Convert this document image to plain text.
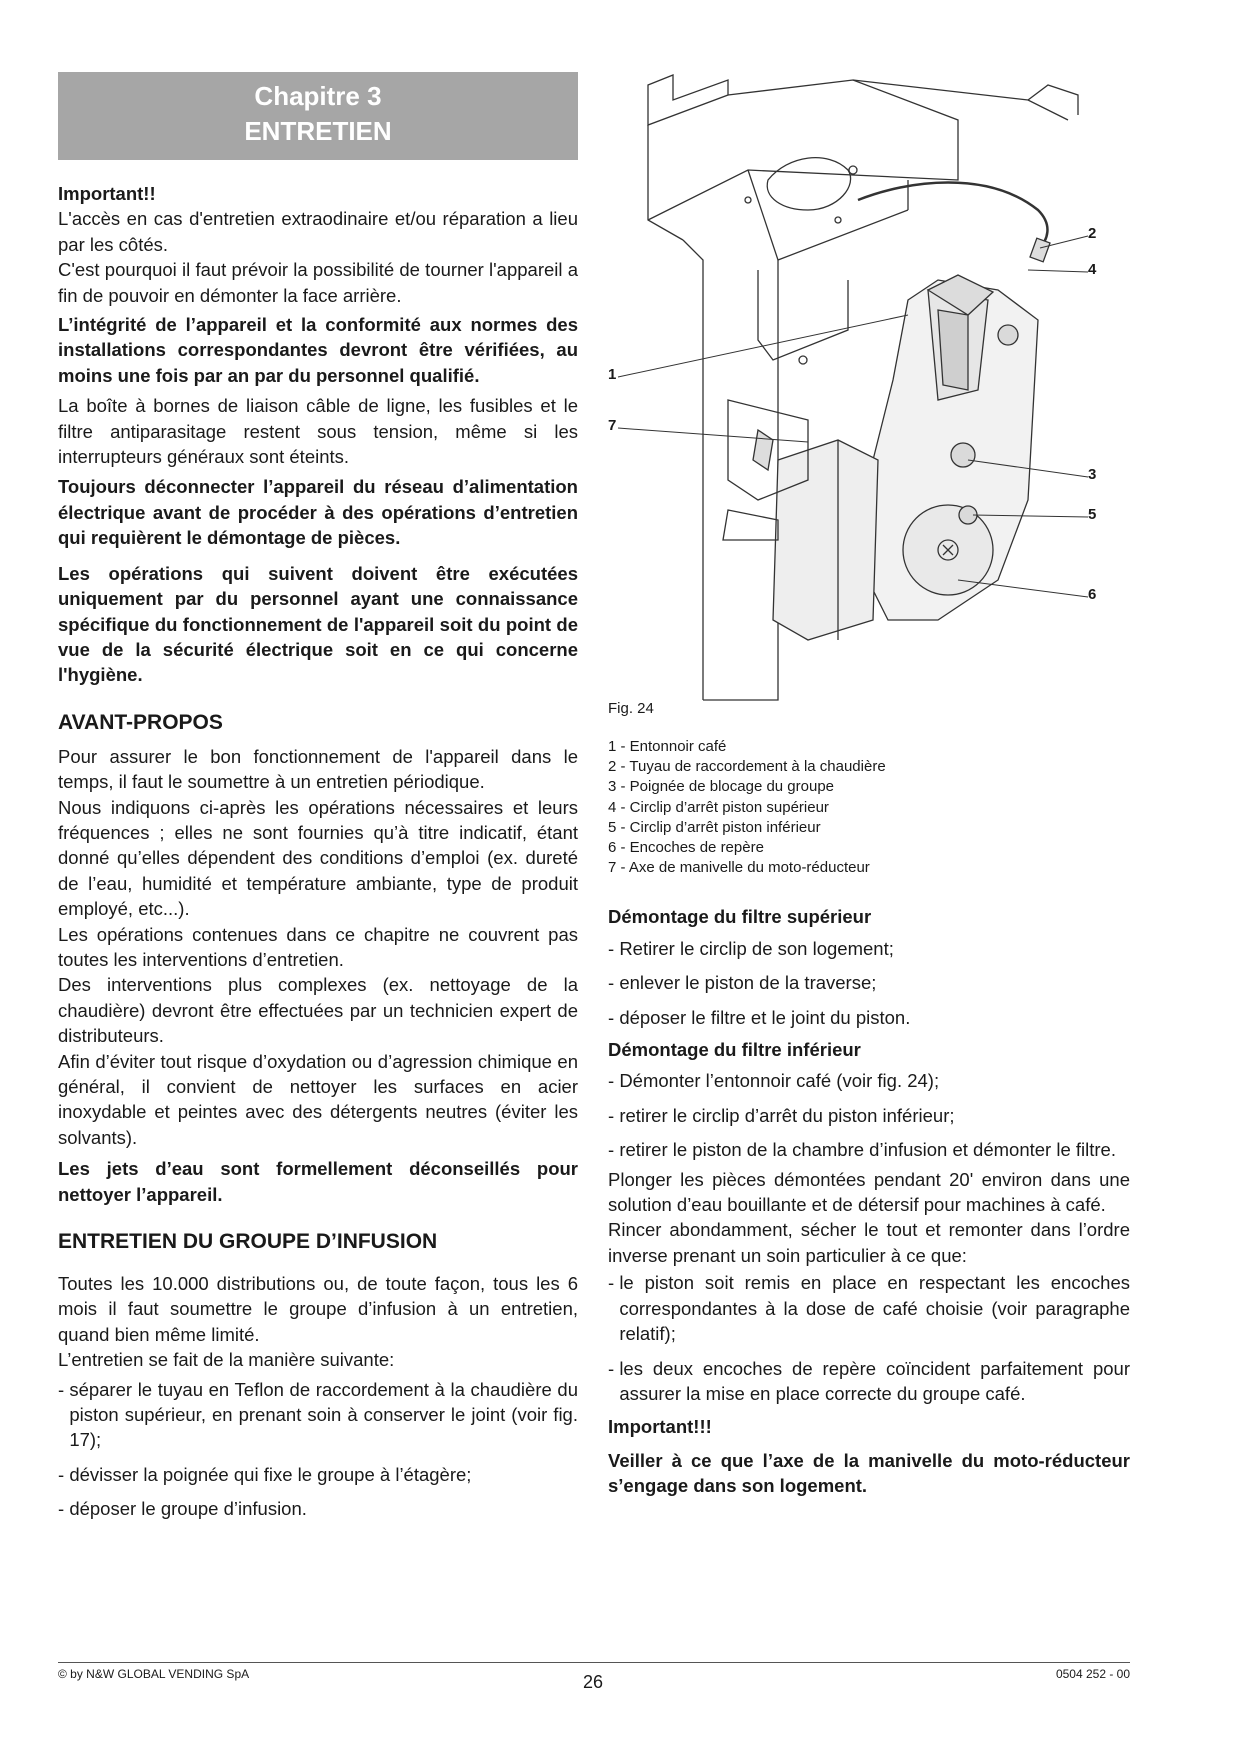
Chapitre 3
ENTRETIEN

Important!!

L'accès en cas d'entretien extraodinaire et/ou réparation a lieu par les côtés.

C'est pourquoi il faut prévoir la possibilité de tourner l'appareil a fin de pouvoir en démonter la face arrière.

L’intégrité de l’appareil et la conformité aux normes des installations correspondantes devront être vérifiées, au moins une fois par an par du personnel qualifié.

La boîte à bornes de liaison câble de ligne, les fusibles et le filtre antiparasitage restent sous tension, même si les interrupteurs généraux sont éteints.

Toujours déconnecter l’appareil du réseau d’alimentation électrique avant de procéder à des opérations d’entretien qui requièrent le démontage de pièces.

Les opérations qui suivent doivent être exécutées uniquement par du personnel ayant une connaissance spécifique du fonctionnement de l'appareil soit du point de vue de la sécurité électrique soit en ce qui concerne l'hygiène.

AVANT-PROPOS

Pour assurer le bon fonctionnement de l'appareil dans le temps, il faut le soumettre à un entretien périodique.

Nous indiquons ci-après les opérations nécessaires et leurs fréquences ; elles ne sont fournies qu’à titre indicatif, étant donné qu’elles dépendent des conditions d’emploi (ex. dureté de l’eau, humidité et température ambiante, type de produit employé, etc...).

Les opérations contenues dans ce chapitre ne couvrent pas toutes les interventions d’entretien.

Des interventions plus complexes (ex. nettoyage de la chaudière) devront être effectuées par un technicien expert de distributeurs.

Afin d’éviter tout risque d’oxydation ou d’agression chimique en général, il convient de nettoyer les surfaces en acier inoxydable et peintes avec des détergents neutres (éviter les solvants).

Les jets d’eau sont formellement déconseillés pour nettoyer l’appareil.

ENTRETIEN DU GROUPE D’INFUSION

Toutes les 10.000 distributions ou, de toute façon, tous les 6 mois il faut soumettre le groupe d’infusion à un entretien, quand bien même limité.

L’entretien se fait de la manière suivante:

- séparer le tuyau en Teflon de raccordement à la chaudière du piston supérieur, en prenant soin à conserver le joint (voir fig. 17);
- dévisser la poignée qui fixe le groupe à l’étagère;
- déposer le groupe d’infusion.
1
2
3
4
5
6
7
Fig. 24
1 - Entonnoir café
2 - Tuyau de raccordement à la chaudière
3 - Poignée de blocage du groupe
4 - Circlip d’arrêt piston supérieur
5 - Circlip d’arrêt piston inférieur
6 - Encoches de repère
7 - Axe de manivelle du moto-réducteur

Démontage du filtre supérieur

- Retirer le circlip de son logement;
- enlever le piston de la traverse;
- déposer le filtre et le joint du piston.

Démontage du filtre inférieur

- Démonter l’entonnoir café (voir fig. 24);
- retirer le circlip d’arrêt du piston inférieur;
- retirer le piston de la chambre d’infusion et démonter le filtre.

Plonger les pièces démontées pendant 20' environ dans une solution d’eau bouillante et de détersif pour machines à café.

Rincer abondamment, sécher le tout et remonter dans l’ordre inverse prenant un soin particulier à ce que:

- le piston soit remis en place en respectant les encoches correspondantes à la dose de café choisie (voir paragraphe relatif);
- les deux encoches de repère coïncident parfaitement pour assurer la mise en place correcte du groupe café.

Important!!!

Veiller à ce que l’axe de la manivelle du moto-réducteur s’engage dans son logement.

© by N&W GLOBAL VENDING SpA	26	0504 252 - 00
